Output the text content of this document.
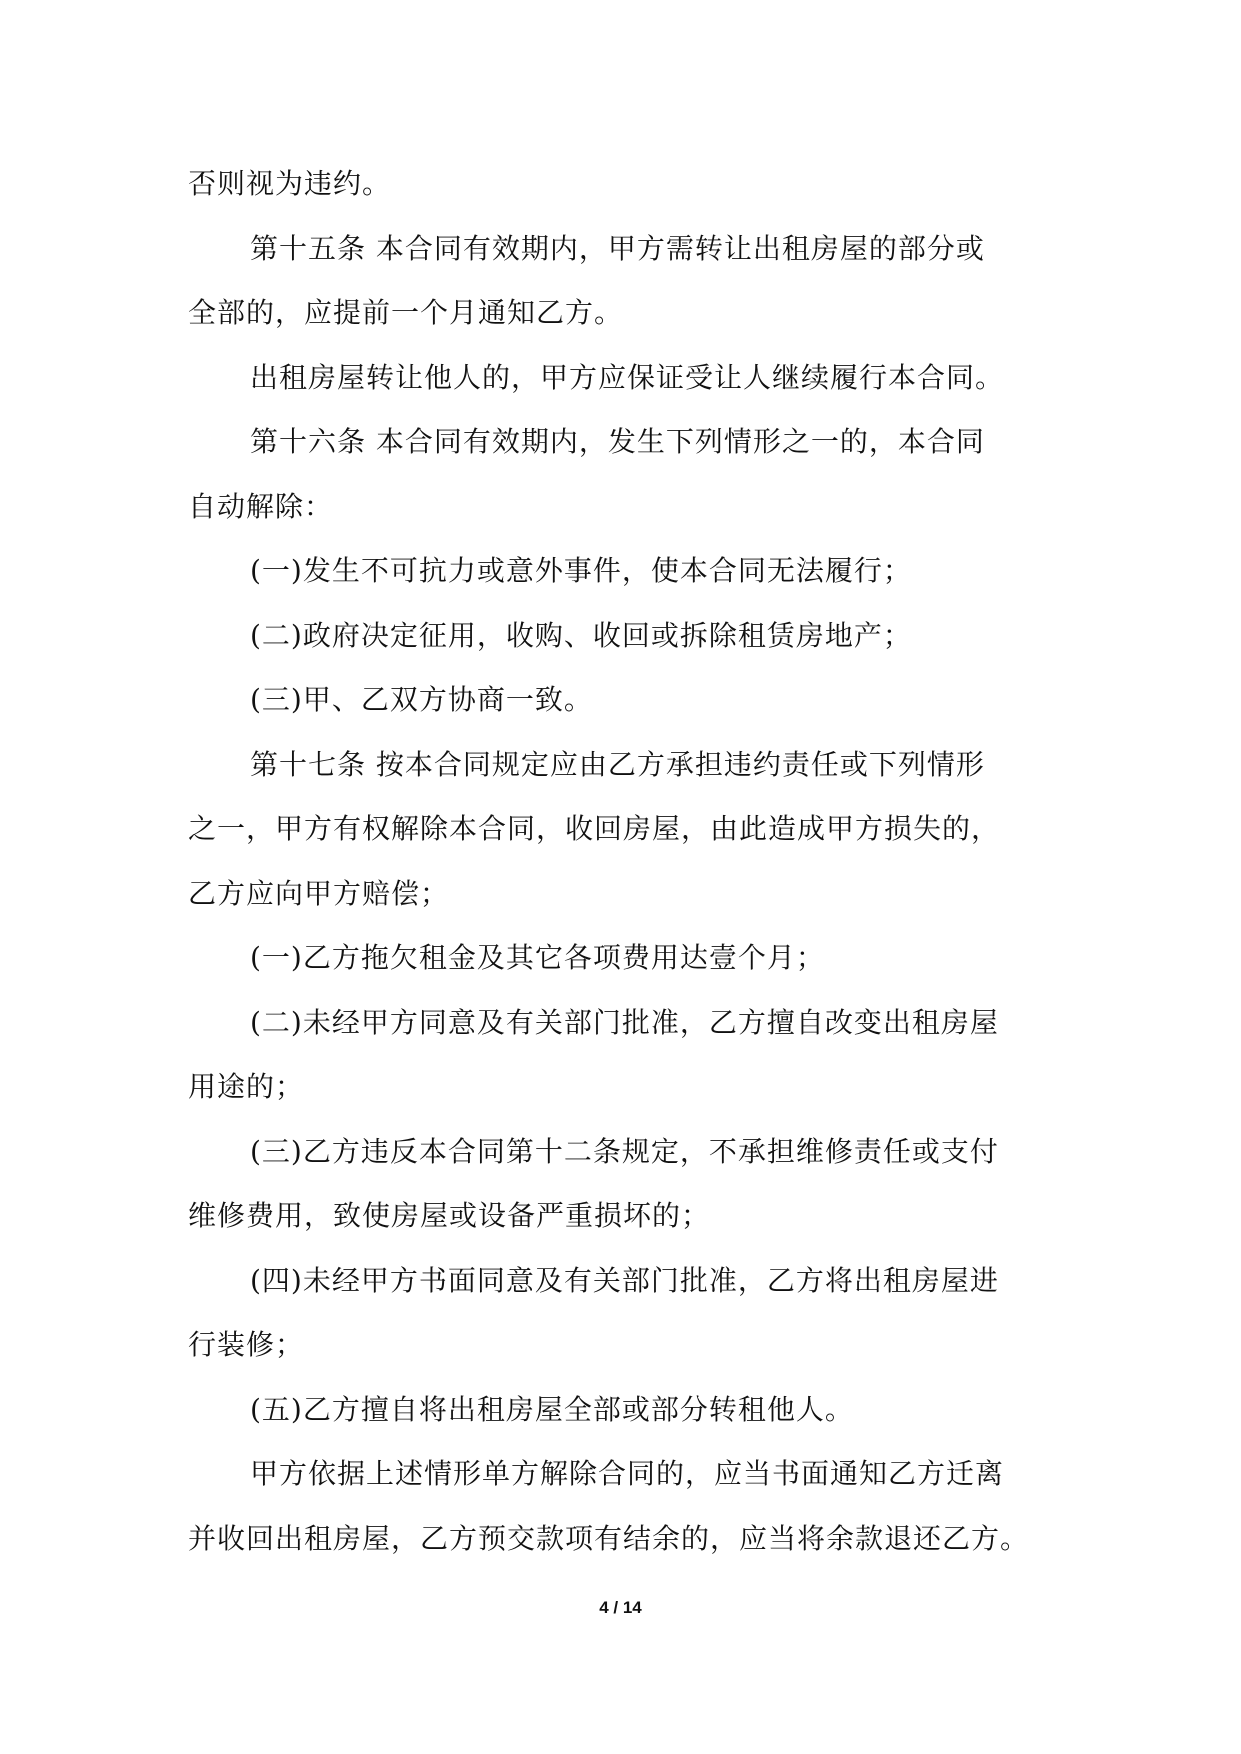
否则视为违约。
第十五条 本合同有效期内，甲方需转让出租房屋的部分或
全部的，应提前一个月通知乙方。
出租房屋转让他人的，甲方应保证受让人继续履行本合同。
第十六条 本合同有效期内，发生下列情形之一的，本合同
自动解除：
(一)发生不可抗力或意外事件，使本合同无法履行；
(二)政府决定征用，收购、收回或拆除租赁房地产；
(三)甲、乙双方协商一致。
第十七条 按本合同规定应由乙方承担违约责任或下列情形
之一，甲方有权解除本合同，收回房屋，由此造成甲方损失的，
乙方应向甲方赔偿；
(一)乙方拖欠租金及其它各项费用达壹个月；
(二)未经甲方同意及有关部门批准，乙方擅自改变出租房屋
用途的；
(三)乙方违反本合同第十二条规定，不承担维修责任或支付
维修费用，致使房屋或设备严重损坏的；
(四)未经甲方书面同意及有关部门批准，乙方将出租房屋进
行装修；
(五)乙方擅自将出租房屋全部或部分转租他人。
甲方依据上述情形单方解除合同的，应当书面通知乙方迁离
并收回出租房屋，乙方预交款项有结余的，应当将余款退还乙方。
4 / 14
